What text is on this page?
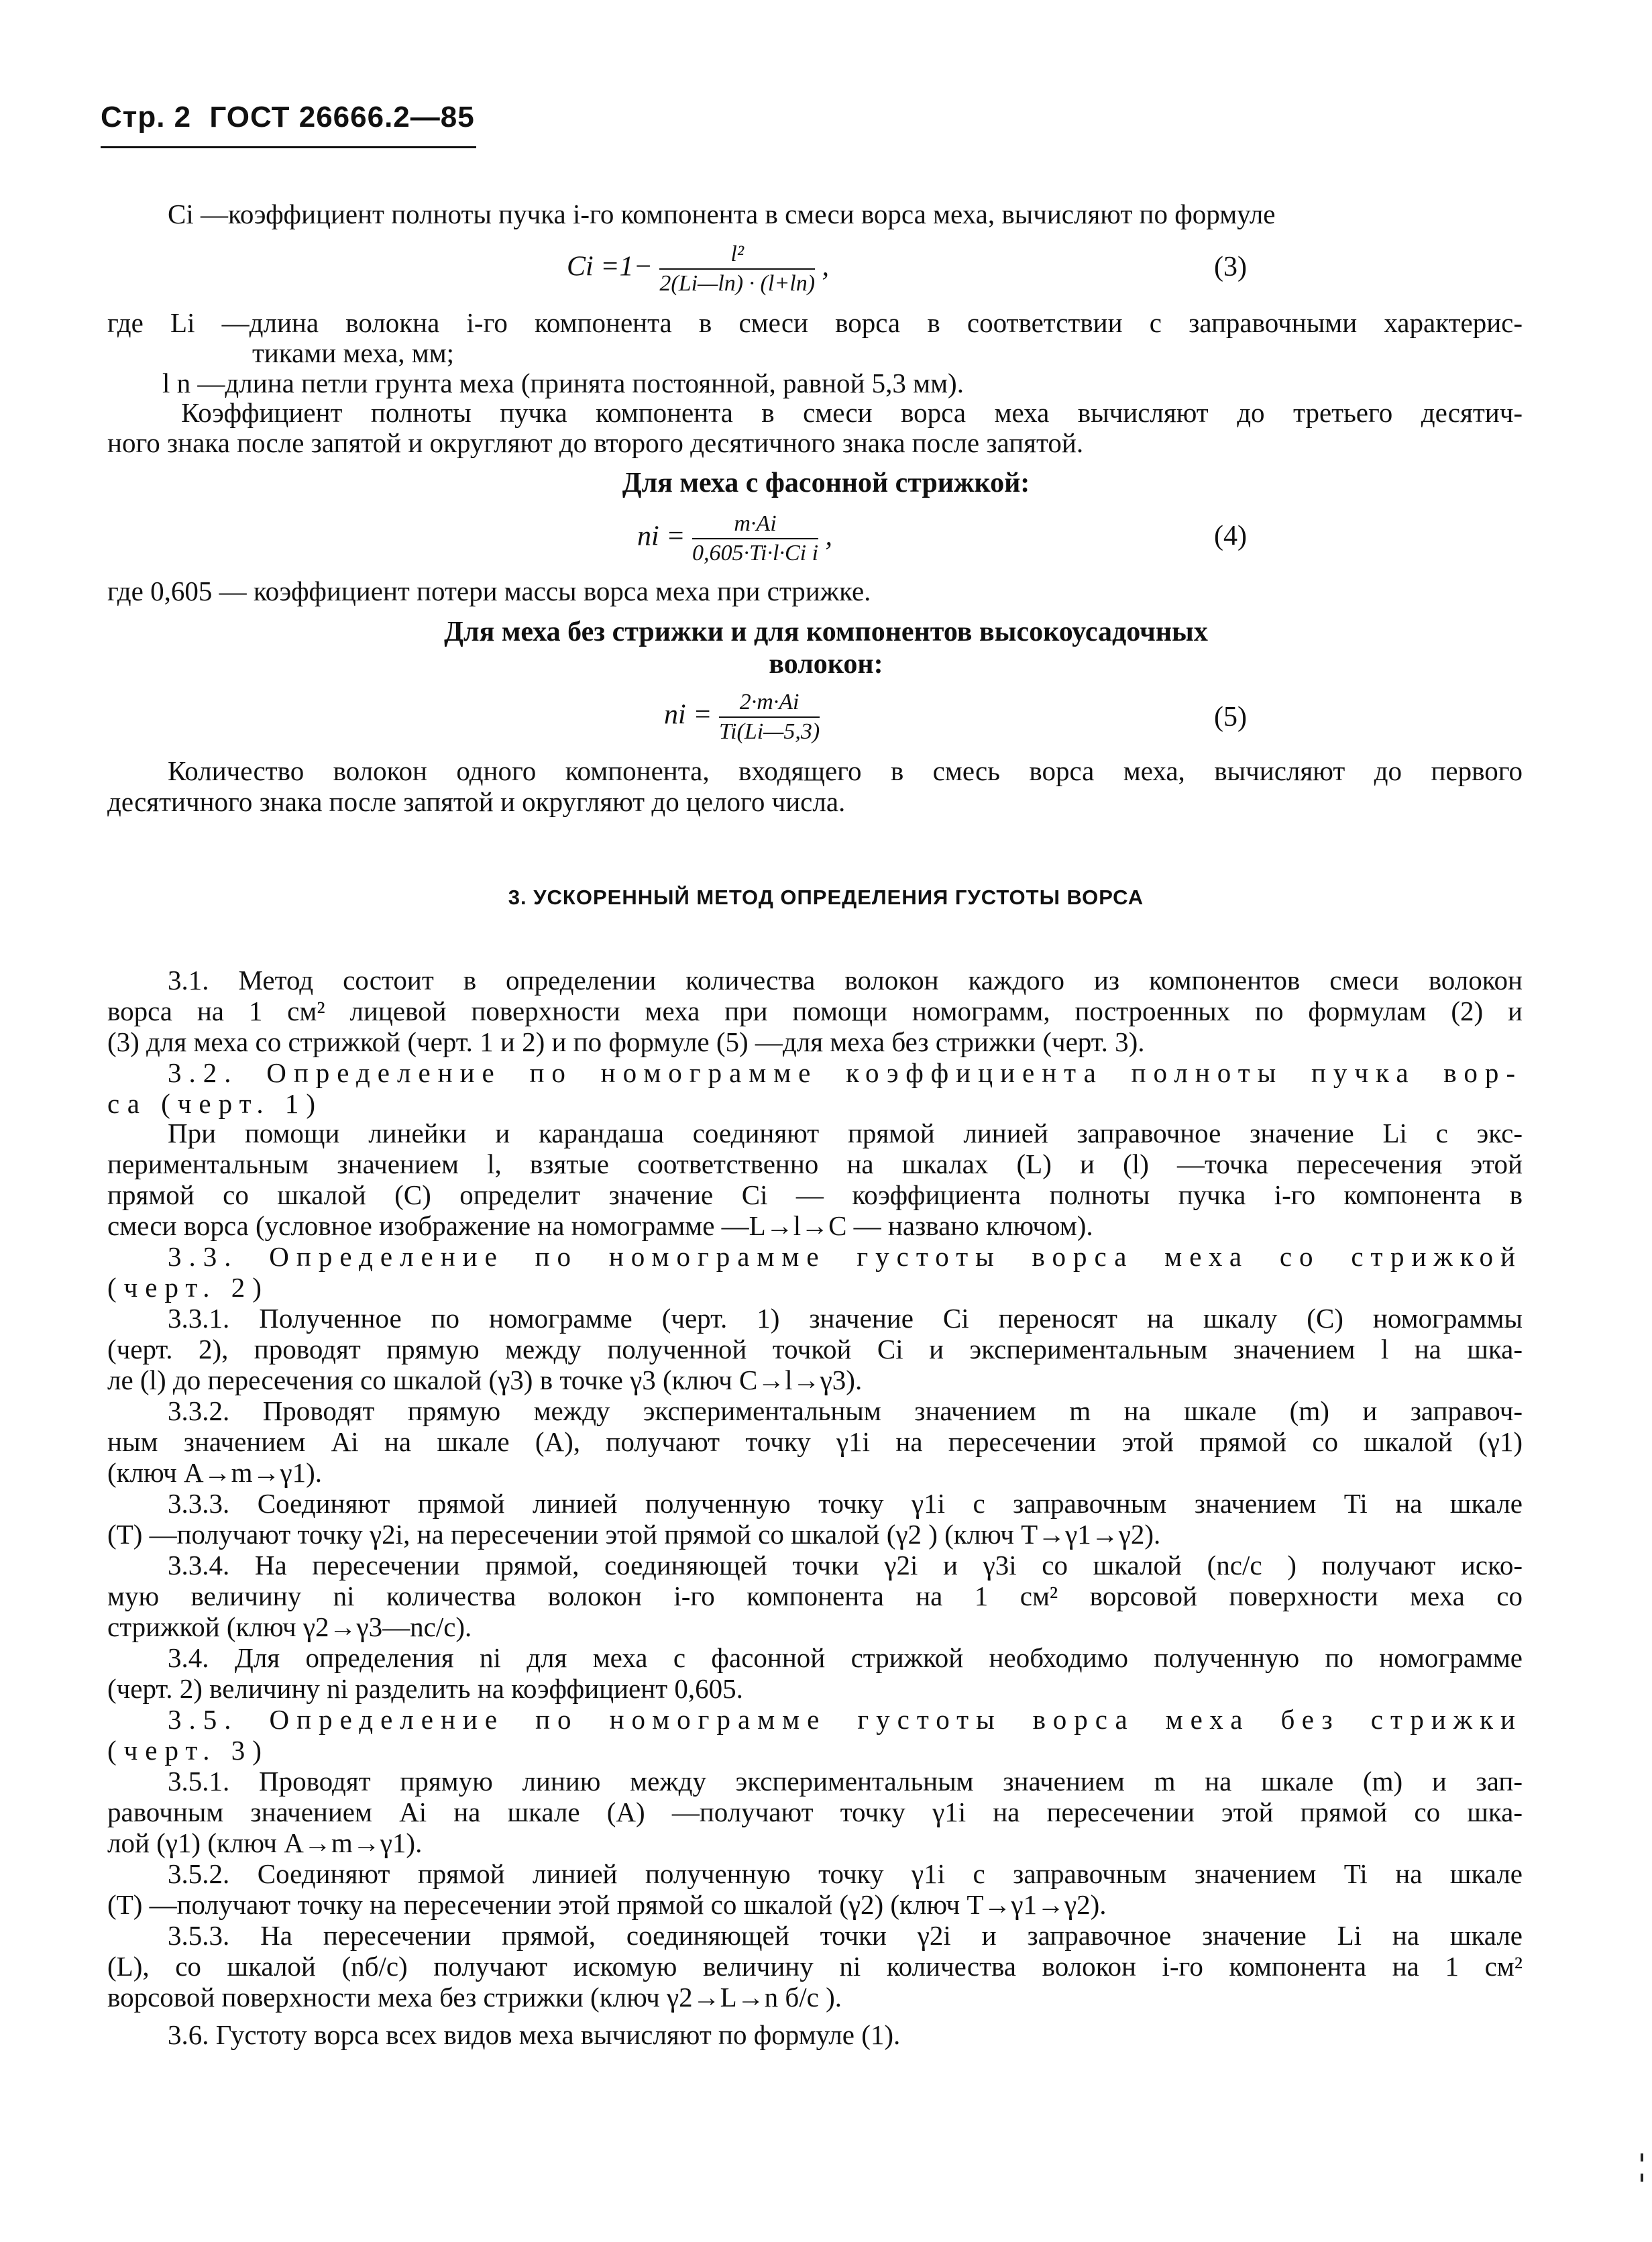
Стр. 2 ГОСТ 26666.2—85
Ci —коэффициент полноты пучка i-го компонента в смеси ворса меха, вычисляют по формуле
$Ci =1- \frac{\text{l²}}{2(Li—\ln) \cdot (l+\ln)}$ ,	(3)
где Li —длина волокна i-го компонента в смеси ворса в соответствии с заправочными характерис-
тиками меха, мм;
l n —длина петли грунта меха (принята постоянной, равной 5,3 мм).
Коэффициент полноты пучка компонента в смеси ворса меха вычисляют до третьего десятич-
ного знака после запятой и округляют до второго десятичного знака после запятой.
Для меха с фасонной стрижкой:
ni = $\frac{m\cdot Ai}{\text{0,605·Ti·l·Ci i}}$ ,	(4)
где 0,605 — коэффициент потери массы ворса меха при стрижке.
Для меха без стрижки и для компонентов высокоусадочных
волокон:
ni = $\frac{2\cdot m\cdot Ai}{Ti(Li—5,3)}$	(5)
Количество волокон одного компонента, входящего в смесь ворса меха, вычисляют до первого
десятичного знака после запятой и округляют до целого числа.
3. УСКОРЕННЫЙ МЕТОД ОПРЕДЕЛЕНИЯ ГУСТОТЫ ВОРСА
3.1. Метод состоит в определении количества волокон каждого из компонентов смеси волокон
ворса на 1 см² лицевой поверхности меха при помощи номограмм, построенных по формулам (2) и
(3) для меха со стрижкой (черт. 1 и 2) и по формуле (5) —для меха без стрижки (черт. 3).
3.2. Определение по номограмме коэффициента полноты пучка вор-
са (черт. 1)
При помощи линейки и карандаша соединяют прямой линией заправочное значение Li с экс-
периментальным значением l, взятые соответственно на шкалах (L) и (l) —точка пересечения этой
прямой со шкалой (C) определит значение Ci — коэффициента полноты пучка i-го компонента в
смеси ворса (условное изображение на номограмме —L→l→C — названо ключом).
3.3. Определение по номограмме густоты ворса меха со стрижкой
(черт. 2)
3.3.1. Полученное по номограмме (черт. 1) значение Ci переносят на шкалу (C) номограммы
(черт. 2), проводят прямую между полученной точкой Ci и экспериментальным значением l на шка-
ле (l) до пересечения со шкалой (γ3) в точке γ3 (ключ C→l→γ3).
3.3.2. Проводят прямую между экспериментальным значением m на шкале (m) и заправоч-
ным значением Ai на шкале (A), получают точку γ1i на пересечении этой прямой со шкалой (γ1)
(ключ A→m→γ1).
3.3.3. Соединяют прямой линией полученную точку γ1i с заправочным значением Ti на шкале
(T) —получают точку γ2i, на пересечении этой прямой со шкалой (γ2 ) (ключ T→γ1→γ2).
3.3.4. На пересечении прямой, соединяющей точки γ2i и γ3i со шкалой (nc/c ) получают иско-
мую величину ni количества волокон i-го компонента на 1 см² ворсовой поверхности меха со
стрижкой (ключ γ2→γ3—nc/c).
3.4. Для определения ni для меха с фасонной стрижкой необходимо полученную по номограмме
(черт. 2) величину ni разделить на коэффициент 0,605.
3.5. Определение по номограмме густоты ворса меха без стрижки
(черт. 3)
3.5.1. Проводят прямую линию между экспериментальным значением m на шкале (m) и зап-
равочным значением Ai на шкале (A) —получают точку γ1i на пересечении этой прямой со шка-
лой (γ1) (ключ A→m→γ1).
3.5.2. Соединяют прямой линией полученную точку γ1i с заправочным значением Ti на шкале
(T) —получают точку на пересечении этой прямой со шкалой (γ2) (ключ T→γ1→γ2).
3.5.3. На пересечении прямой, соединяющей точки γ2i и заправочное значение Li на шкале
(L), со шкалой (nб/с) получают искомую величину ni количества волокон i-го компонента на 1 см²
ворсовой поверхности меха без стрижки (ключ γ2→L→n б/с ).
3.6. Густоту ворса всех видов меха вычисляют по формуле (1).
